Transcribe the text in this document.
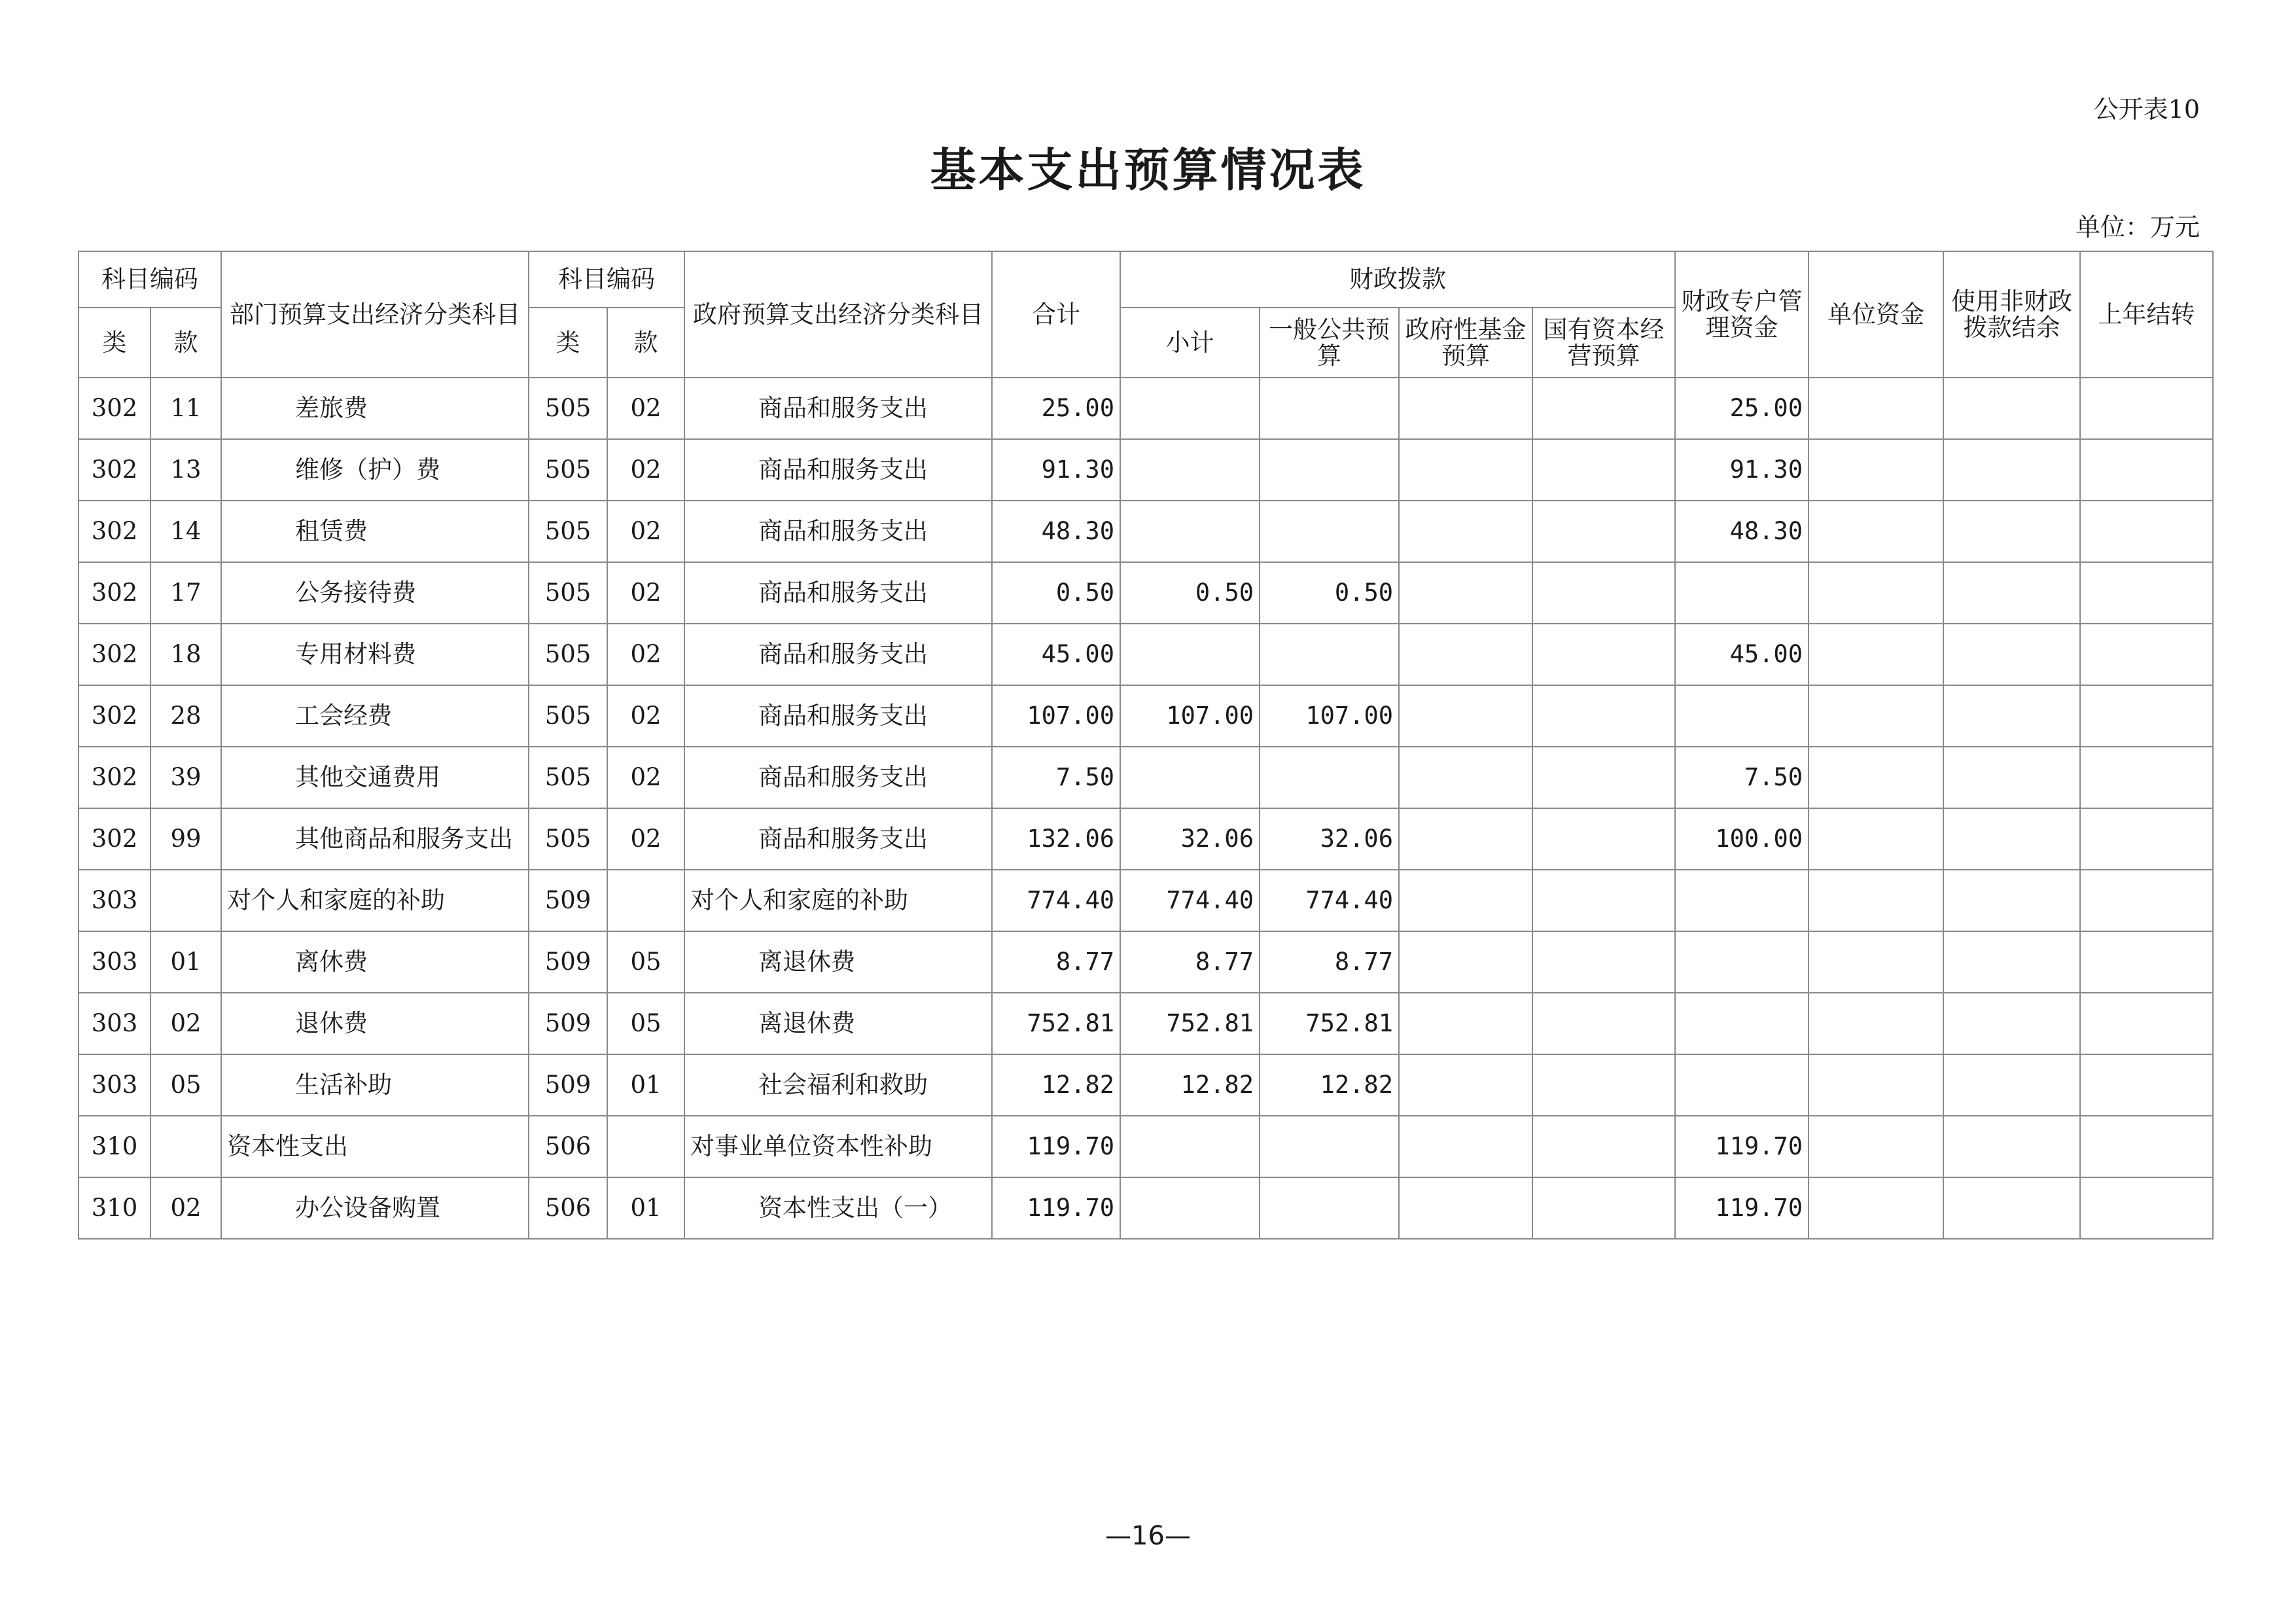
公开表10
基本支出预算情况表
单位：万元
科目编码		部门预算支出经济分类科目	科目编码		政府预算支出经济分类科目	合计	财政拨款				财政专户管理资金	单位资金	使用非财政拨款结余	上年结转
类	款		类	款			小计	一般公共预算	政府性基金预算	国有资本经营预算				
302	11	差旅费	505	02	商品和服务支出	25.00					25.00			
302	13	维修（护）费	505	02	商品和服务支出	91.30					91.30			
302	14	租赁费	505	02	商品和服务支出	48.30					48.30			
302	17	公务接待费	505	02	商品和服务支出	0.50	0.50	0.50						
302	18	专用材料费	505	02	商品和服务支出	45.00					45.00			
302	28	工会经费	505	02	商品和服务支出	107.00	107.00	107.00						
302	39	其他交通费用	505	02	商品和服务支出	7.50					7.50			
302	99	其他商品和服务支出	505	02	商品和服务支出	132.06	32.06	32.06			100.00			
303		对个人和家庭的补助	509		对个人和家庭的补助	774.40	774.40	774.40						
303	01	离休费	509	05	离退休费	8.77	8.77	8.77						
303	02	退休费	509	05	离退休费	752.81	752.81	752.81						
303	05	生活补助	509	01	社会福利和救助	12.82	12.82	12.82						
310		资本性支出	506		对事业单位资本性补助	119.70					119.70			
310	02	办公设备购置	506	01	资本性支出（一）	119.70					119.70			
—16—
